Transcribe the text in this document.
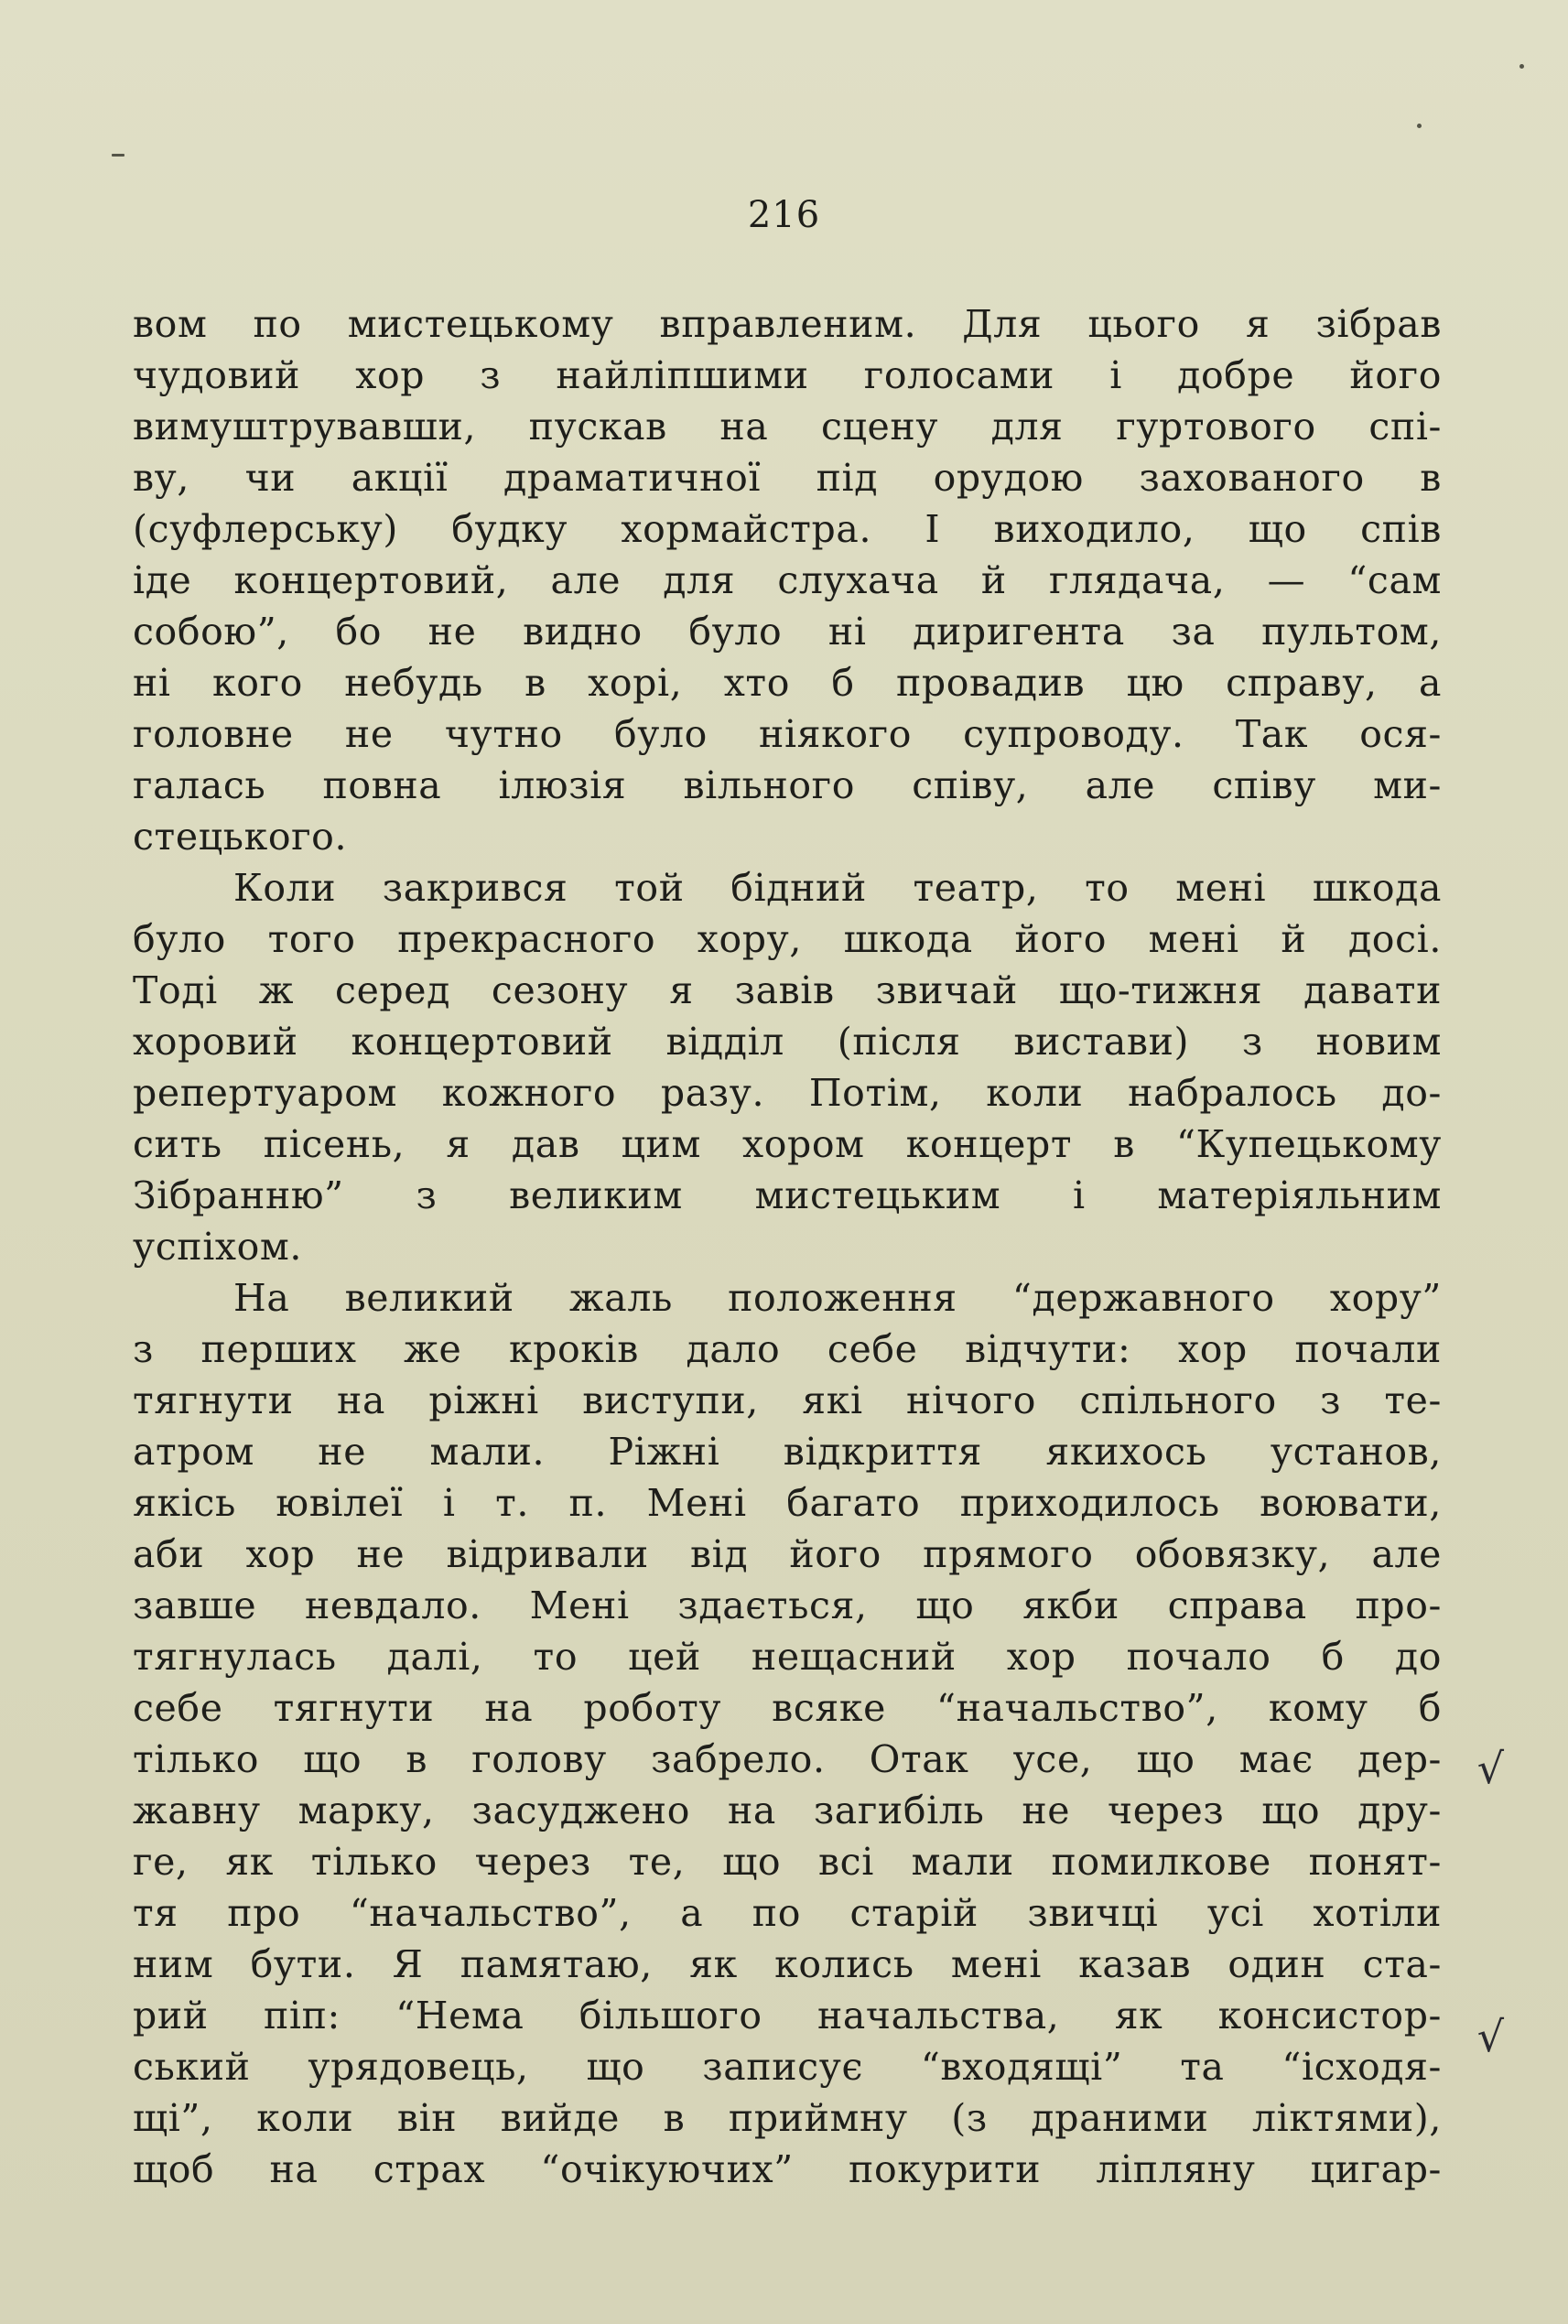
216
вом по мистецькому вправленим. Для цього я зібрав
чудовий хор з найліпшими голосами і добре його
вимуштрувавши, пускав на сцену для гуртового спі-
ву, чи акції драматичної під орудою захованого в
(суфлерську) будку хормайстра. І виходило, що спів
іде концертовий, але для слухача й глядача, — “сам
собою”, бо не видно було ні диригента за пультом,
ні кого небудь в хорі, хто б провадив цю справу, а
головне не чутно було ніякого супроводу. Так ося-
галась повна ілюзія вільного співу, але співу ми-
стецького.
Коли закрився той бідний театр, то мені шкода
було того прекрасного хору, шкода його мені й досі.
Тоді ж серед сезону я завів звичай що-тижня давати
хоровий концертовий відділ (після вистави) з новим
репертуаром кожного разу. Потім, коли набралось до-
сить пісень, я дав цим хором концерт в “Купецькому
Зібранню” з великим мистецьким і матеріяльним
успіхом.
На великий жаль положення “державного хору”
з перших же кроків дало себе відчути: хор почали
тягнути на ріжні виступи, які нічого спільного з те-
атром не мали. Ріжні відкриття якихось установ,
якісь ювілеї і т. п. Мені багато приходилось воювати,
аби хор не відривали від його прямого обовязку, але
завше невдало. Мені здається, що якби справа про-
тягнулась далі, то цей нещасний хор почало б до
себе тягнути на роботу всяке “начальство”, кому б
тілько що в голову забрело. Отак усе, що має дер-
жавну марку, засуджено на загибіль не через що дру-
ге, як тілько через те, що всі мали помилкове понят-
тя про “начальство”, а по старій звичці усі хотіли
ним бути. Я памятаю, як колись мені казав один ста-
рий піп: “Нема більшого начальства, як консистор-
ський урядовець, що записує “входящі” та “ісходя-
щі”, коли він вийде в приймну (з драними ліктями),
щоб на страх “очікуючих” покурити ліпляну цигар-
√
√
